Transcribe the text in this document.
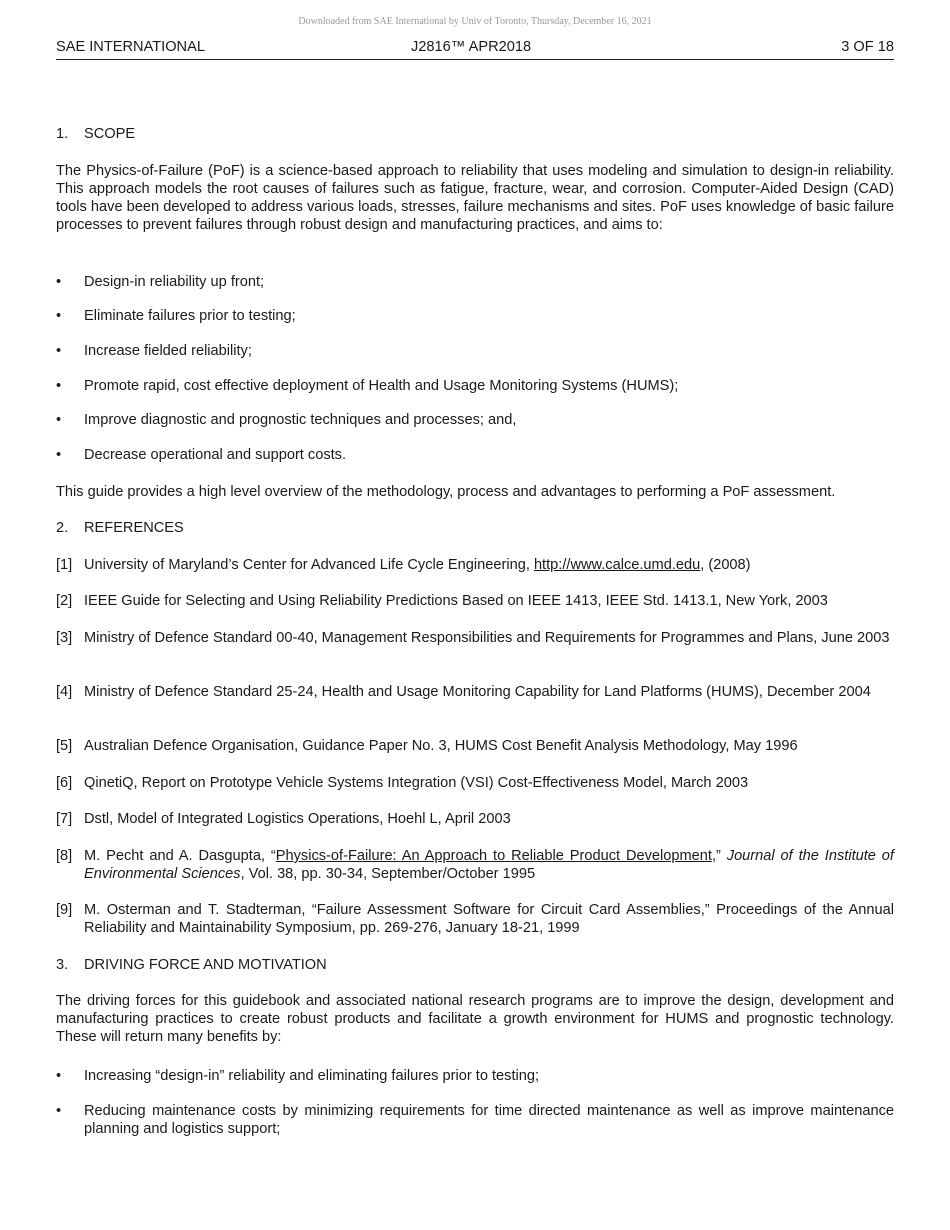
Downloaded from SAE International by Univ of Toronto, Thursday, December 16, 2021
SAE INTERNATIONAL	J2816™ APR2018	3 OF 18
1. SCOPE
The Physics-of-Failure (PoF) is a science-based approach to reliability that uses modeling and simulation to design-in reliability. This approach models the root causes of failures such as fatigue, fracture, wear, and corrosion. Computer-Aided Design (CAD) tools have been developed to address various loads, stresses, failure mechanisms and sites. PoF uses knowledge of basic failure processes to prevent failures through robust design and manufacturing practices, and aims to:
•	Design-in reliability up front;
•	Eliminate failures prior to testing;
•	Increase fielded reliability;
•	Promote rapid, cost effective deployment of Health and Usage Monitoring Systems (HUMS);
•	Improve diagnostic and prognostic techniques and processes; and,
•	Decrease operational and support costs.
This guide provides a high level overview of the methodology, process and advantages to performing a PoF assessment.
2. REFERENCES
[1] University of Maryland’s Center for Advanced Life Cycle Engineering, http://www.calce.umd.edu, (2008)
[2] IEEE Guide for Selecting and Using Reliability Predictions Based on IEEE 1413, IEEE Std. 1413.1, New York, 2003
[3] Ministry of Defence Standard 00-40, Management Responsibilities and Requirements for Programmes and Plans, June 2003
[4] Ministry of Defence Standard 25-24, Health and Usage Monitoring Capability for Land Platforms (HUMS), December 2004
[5] Australian Defence Organisation, Guidance Paper No. 3, HUMS Cost Benefit Analysis Methodology, May 1996
[6] QinetiQ, Report on Prototype Vehicle Systems Integration (VSI) Cost-Effectiveness Model, March 2003
[7] Dstl, Model of Integrated Logistics Operations, Hoehl L, April 2003
[8] M. Pecht and A. Dasgupta, “Physics-of-Failure: An Approach to Reliable Product Development,” Journal of the Institute of Environmental Sciences, Vol. 38, pp. 30-34, September/October 1995
[9] M. Osterman and T. Stadterman, “Failure Assessment Software for Circuit Card Assemblies,” Proceedings of the Annual Reliability and Maintainability Symposium, pp. 269-276, January 18-21, 1999
3. DRIVING FORCE AND MOTIVATION
The driving forces for this guidebook and associated national research programs are to improve the design, development and manufacturing practices to create robust products and facilitate a growth environment for HUMS and prognostic technology. These will return many benefits by:
•	Increasing “design-in” reliability and eliminating failures prior to testing;
•	Reducing maintenance costs by minimizing requirements for time directed maintenance as well as improve maintenance planning and logistics support;
